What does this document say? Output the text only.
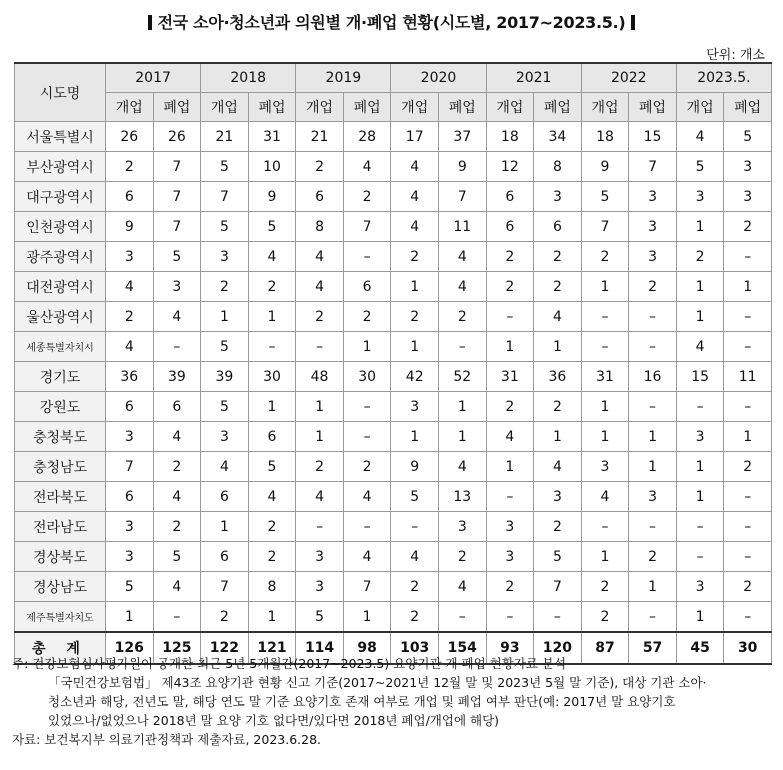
전국 소아·청소년과 의원별 개·폐업 현황(시도별, 2017~2023.5.)
단위: 개소
시도명	2017		2018		2019		2020		2021		2022		2023.5.	
	개업	폐업	개업	폐업	개업	폐업	개업	폐업	개업	폐업	개업	폐업	개업	폐업
서울특별시	26	26	21	31	21	28	17	37	18	34	18	15	4	5
부산광역시	2	7	5	10	2	4	4	9	12	8	9	7	5	3
대구광역시	6	7	7	9	6	2	4	7	6	3	5	3	3	3
인천광역시	9	7	5	5	8	7	4	11	6	6	7	3	1	2
광주광역시	3	5	3	4	4	–	2	4	2	2	2	3	2	–
대전광역시	4	3	2	2	4	6	1	4	2	2	1	2	1	1
울산광역시	2	4	1	1	2	2	2	2	–	4	–	–	1	–
세종특별자치시	4	–	5	–	–	1	1	–	1	1	–	–	4	–
경기도	36	39	39	30	48	30	42	52	31	36	31	16	15	11
강원도	6	6	5	1	1	–	3	1	2	2	1	–	–	–
충청북도	3	4	3	6	1	–	1	1	4	1	1	1	3	1
충청남도	7	2	4	5	2	2	9	4	1	4	3	1	1	2
전라북도	6	4	6	4	4	4	5	13	–	3	4	3	1	–
전라남도	3	2	1	2	–	–	–	3	3	2	–	–	–	–
경상북도	3	5	6	2	3	4	4	2	3	5	1	2	–	–
경상남도	5	4	7	8	3	7	2	4	2	7	2	1	3	2
제주특별자치도	1	–	2	1	5	1	2	–	–	–	2	–	1	–
총 계	126	125	122	121	114	98	103	154	93	120	87	57	45	30
주: 건강보험심사평가원이 공개한 최근 5년 5개월간(2017~2023.5) 요양기관 개·폐업 현황자료 분석
「국민건강보험법」 제43조 요양기관 현황 신고 기준(2017~2021년 12월 말 및 2023년 5월 말 기준), 대상 기관 소아·
청소년과 해당, 전년도 말, 해당 연도 말 기준 요양기호 존재 여부로 개업 및 폐업 여부 판단(예: 2017년 말 요양기호
있었으나/없었으나 2018년 말 요양 기호 없다면/있다면 2018년 폐업/개업에 해당)
자료: 보건복지부 의료기관정책과 제출자료, 2023.6.28.
